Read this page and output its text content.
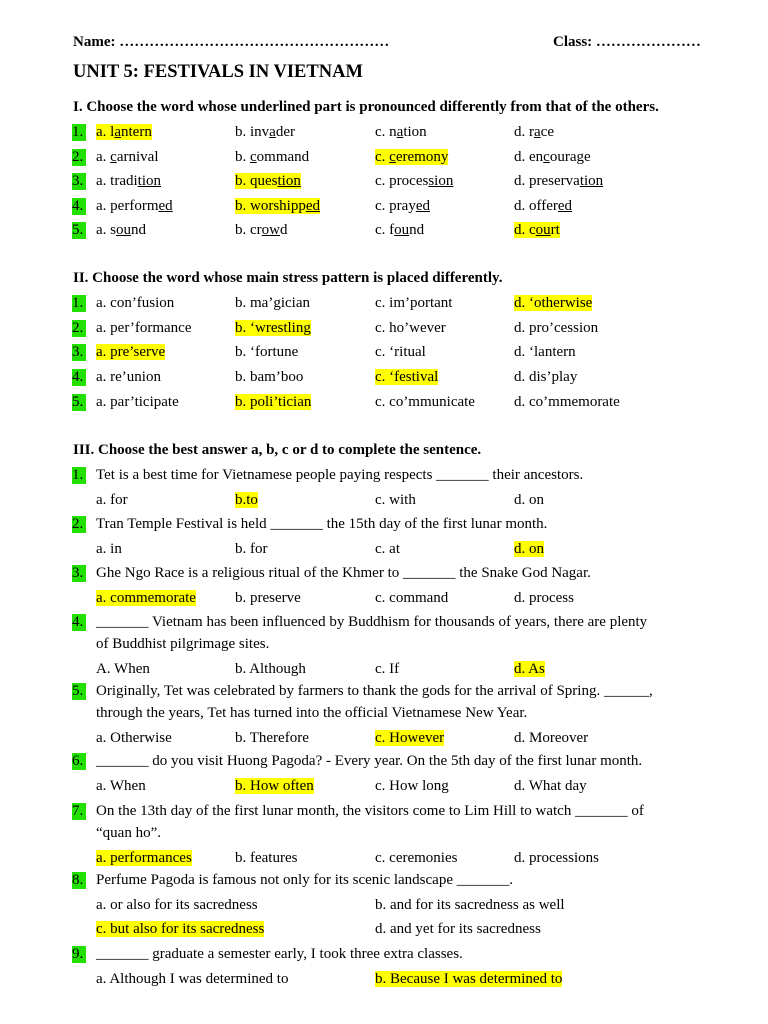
Name: ………………………………………………	Class: …………………
UNIT 5: FESTIVALS IN VIETNAM
I. Choose the word whose underlined part is pronounced differently from that of the others.
1. a. lantern	b. invader	c. nation	d. race
2. a. carnival	b. command	c. ceremony	d. encourage
3. a. tradition	b. question	c. procession	d. preservation
4. a. performed	b. worshipped	c. prayed	d. offered
5. a. sound	b. crowd	c. found	d. court
II. Choose the word whose main stress pattern is placed differently.
1. a. con’fusion	b. ma’gician	c. im’portant	d. ‘otherwise
2. a. per’formance	b. ‘wrestling	c. ho’wever	d. pro’cession
3. a. pre’serve	b. ‘fortune	c. ‘ritual	d. ‘lantern
4. a. re’union	b. bam’boo	c. ‘festival	d. dis’play
5. a. par’ticipate	b. poli’tician	c. co’mmunicate	d. co’mmemorate
III. Choose the best answer a, b, c or d to complete the sentence.
1. Tet is a best time for Vietnamese people paying respects _______ their ancestors.
a. for	b.to	c. with	d. on
2. Tran Temple Festival is held _______ the 15th day of the first lunar month.
a. in	b. for	c. at	d. on
3. Ghe Ngo Race is a religious ritual of the Khmer to _______ the Snake God Nagar.
a. commemorate	b. preserve	c. command	d. process
4. _______ Vietnam has been influenced by Buddhism for thousands of years, there are plenty
of Buddhist pilgrimage sites.
A. When	b. Although	c. If	d. As
5. Originally, Tet was celebrated by farmers to thank the gods for the arrival of Spring. ______,
through the years, Tet has turned into the official Vietnamese New Year.
a. Otherwise	b. Therefore	c. However	d. Moreover
6. _______ do you visit Huong Pagoda? - Every year. On the 5th day of the first lunar month.
a. When	b. How often	c. How long	d. What day
7. On the 13th day of the first lunar month, the visitors come to Lim Hill to watch _______ of
“quan ho”.
a. performances	b. features	c. ceremonies	d. processions
8. Perfume Pagoda is famous not only for its scenic landscape _______.
a. or also for its sacredness	b. and for its sacredness as well
c. but also for its sacredness	d. and yet for its sacredness
9. _______ graduate a semester early, I took three extra classes.
a. Although I was determined to	b. Because I was determined to
